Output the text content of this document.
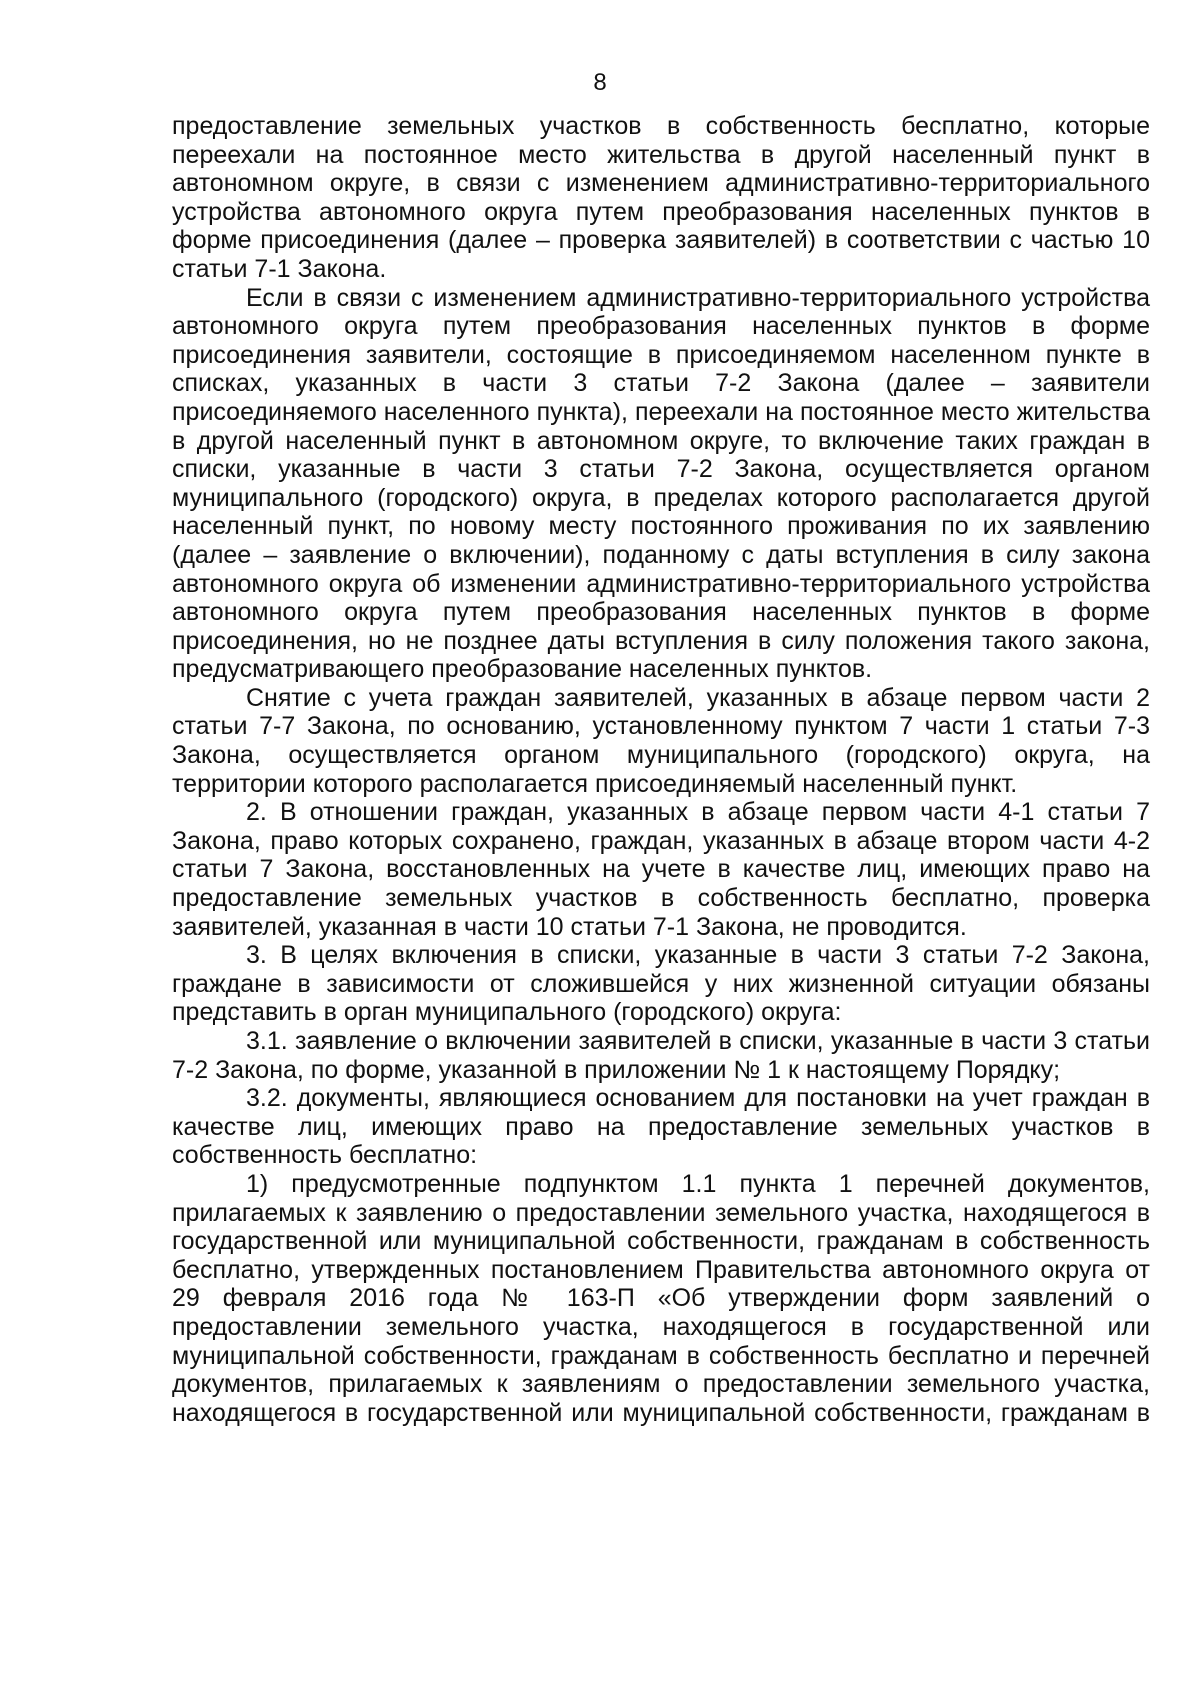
8

предоставление земельных участков в собственность бесплатно, которые переехали на постоянное место жительства в другой населенный пункт в автономном округе, в связи с изменением административно-территориального устройства автономного округа путем преобразования населенных пунктов в форме присоединения (далее – проверка заявителей) в соответствии с частью 10 статьи 7-1 Закона.

Если в связи с изменением административно-территориального устройства автономного округа путем преобразования населенных пунктов в форме присоединения заявители, состоящие в присоединяемом населенном пункте в списках, указанных в части 3 статьи 7-2 Закона (далее – заявители присоединяемого населенного пункта), переехали на постоянное место жительства в другой населенный пункт в автономном округе, то включение таких граждан в списки, указанные в части 3 статьи 7-2 Закона, осуществляется органом муниципального (городского) округа, в пределах которого располагается другой населенный пункт, по новому месту постоянного проживания по их заявлению (далее – заявление о включении), поданному с даты вступления в силу закона автономного округа об изменении административно-территориального устройства автономного округа путем преобразования населенных пунктов в форме присоединения, но не позднее даты вступления в силу положения такого закона, предусматривающего преобразование населенных пунктов.

Снятие с учета граждан заявителей, указанных в абзаце первом части 2 статьи 7-7 Закона, по основанию, установленному пунктом 7 части 1 статьи 7-3 Закона, осуществляется органом муниципального (городского) округа, на территории которого располагается присоединяемый населенный пункт.

2. В отношении граждан, указанных в абзаце первом части 4-1 статьи 7 Закона, право которых сохранено, граждан, указанных в абзаце втором части 4-2 статьи 7 Закона, восстановленных на учете в качестве лиц, имеющих право на предоставление земельных участков в собственность бесплатно, проверка заявителей, указанная в части 10 статьи 7-1 Закона, не проводится.

3. В целях включения в списки, указанные в части 3 статьи 7-2 Закона, граждане в зависимости от сложившейся у них жизненной ситуации обязаны представить в орган муниципального (городского) округа:

3.1. заявление о включении заявителей в списки, указанные в части 3 статьи 7-2 Закона, по форме, указанной в приложении № 1 к настоящему Порядку;

3.2. документы, являющиеся основанием для постановки на учет граждан в качестве лиц, имеющих право на предоставление земельных участков в собственность бесплатно:

1) предусмотренные подпунктом 1.1 пункта 1 перечней документов, прилагаемых к заявлению о предоставлении земельного участка, находящегося в государственной или муниципальной собственности, гражданам в собственность бесплатно, утвержденных постановлением Правительства автономного округа от 29 февраля 2016 года № 163-П «Об утверждении форм заявлений о предоставлении земельного участка, находящегося в государственной или муниципальной собственности, гражданам в собственность бесплатно и перечней документов, прилагаемых к заявлениям о предоставлении земельного участка, находящегося в государственной или муниципальной собственности, гражданам в
